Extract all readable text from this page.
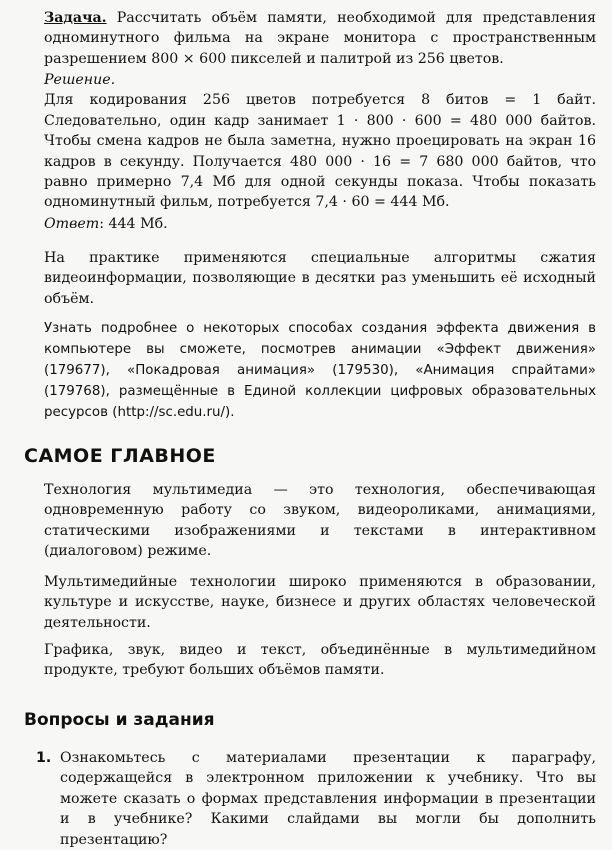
Задача. Рассчитать объём памяти, необходимой для представления одноминутного фильма на экране монитора с пространственным разрешением 800 × 600 пикселей и палитрой из 256 цветов.

Решение.
Для кодирования 256 цветов потребуется 8 битов = 1 байт. Следовательно, один кадр занимает 1 · 800 · 600 = 480 000 байтов. Чтобы смена кадров не была заметна, нужно проецировать на экран 16 кадров в секунду. Получается 480 000 · 16 = 7 680 000 байтов, что равно примерно 7,4 Мб для одной секунды показа. Чтобы показать одноминутный фильм, потребуется 7,4 · 60 = 444 Мб.

Ответ: 444 Мб.

На практике применяются специальные алгоритмы сжатия видеоинформации, позволяющие в десятки раз уменьшить её исходный объём.

Узнать подробнее о некоторых способах создания эффекта движения в компьютере вы сможете, посмотрев анимации «Эффект движения» (179677), «Покадровая анимация» (179530), «Анимация спрайтами» (179768), размещённые в Единой коллекции цифровых образовательных ресурсов (http://sc.edu.ru/).

САМОЕ ГЛАВНОЕ

Технология мультимедиа — это технология, обеспечивающая одновременную работу со звуком, видеороликами, анимациями, статическими изображениями и текстами в интерактивном (диалоговом) режиме.

Мультимедийные технологии широко применяются в образовании, культуре и искусстве, науке, бизнесе и других областях человеческой деятельности.

Графика, звук, видео и текст, объединённые в мультимедийном продукте, требуют больших объёмов памяти.

Вопросы и задания
1. Ознакомьтесь с материалами презентации к параграфу, содержащейся в электронном приложении к учебнику. Что вы можете сказать о формах представления информации в презентации и в учебнике? Какими слайдами вы могли бы дополнить презентацию?
